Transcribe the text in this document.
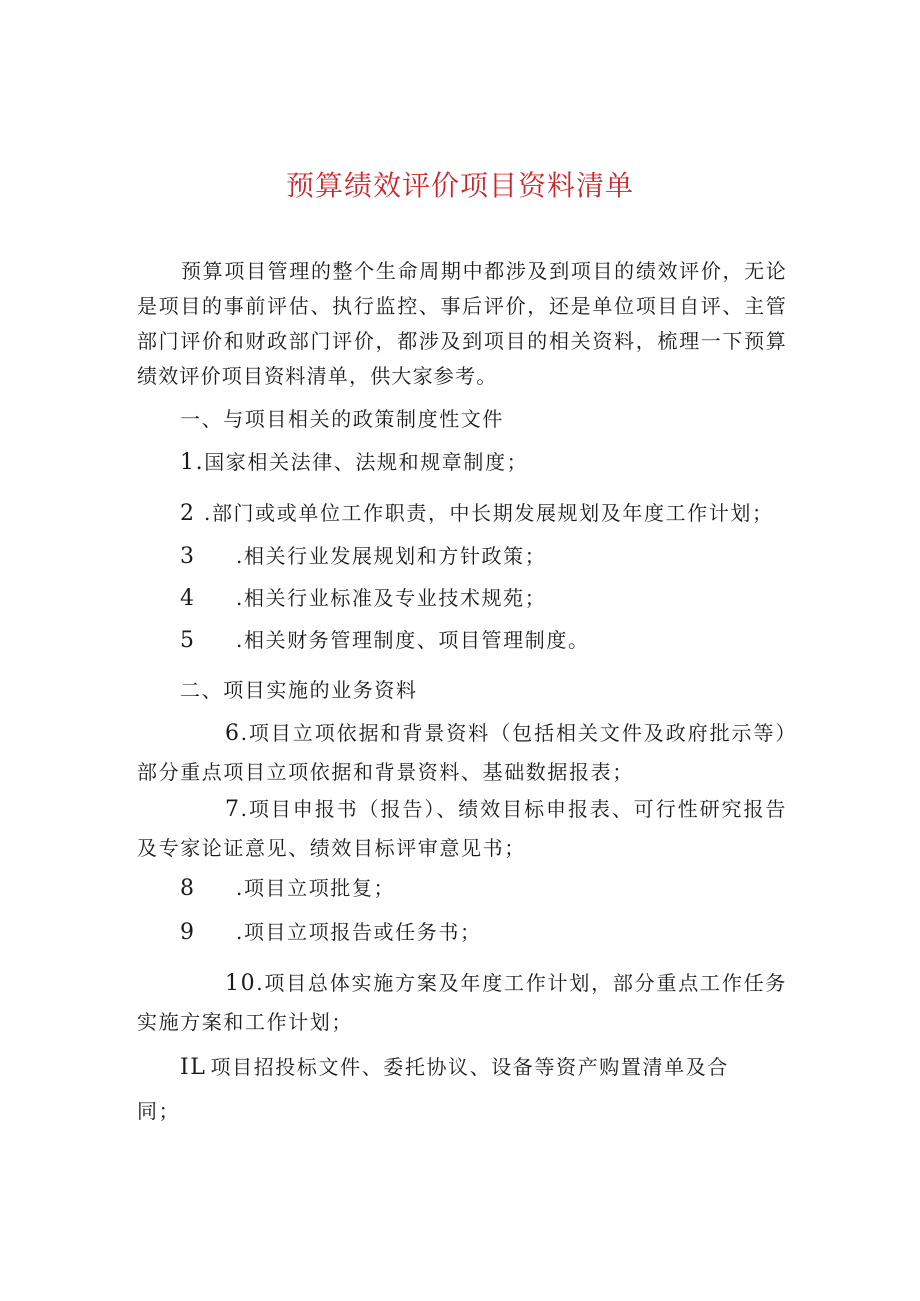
预算绩效评价项目资料清单

预算项目管理的整个生命周期中都涉及到项目的绩效评价，无论是项目的事前评估、执行监控、事后评价，还是单位项目自评、主管部门评价和财政部门评价，都涉及到项目的相关资料，梳理一下预算绩效评价项目资料清单，供大家参考。

一、与项目相关的政策制度性文件

1.国家相关法律、法规和规章制度；

2 .部门或或单位工作职责，中长期发展规划及年度工作计划；

3 .相关行业发展规划和方针政策；

4 .相关行业标准及专业技术规苑；

5 .相关财务管理制度、项目管理制度。

二、项目实施的业务资料

6.项目立项依据和背景资料（包括相关文件及政府批示等）部分重点项目立项依据和背景资料、基础数据报表；

7.项目申报书（报告）、绩效目标申报表、可行性研究报告及专家论证意见、绩效目标评审意见书；

8 .项目立项批复；

9 .项目立项报告或任务书；

10.项目总体实施方案及年度工作计划，部分重点工作任务实施方案和工作计划；

IL 项目招投标文件、委托协议、设备等资产购置清单及合

同；
